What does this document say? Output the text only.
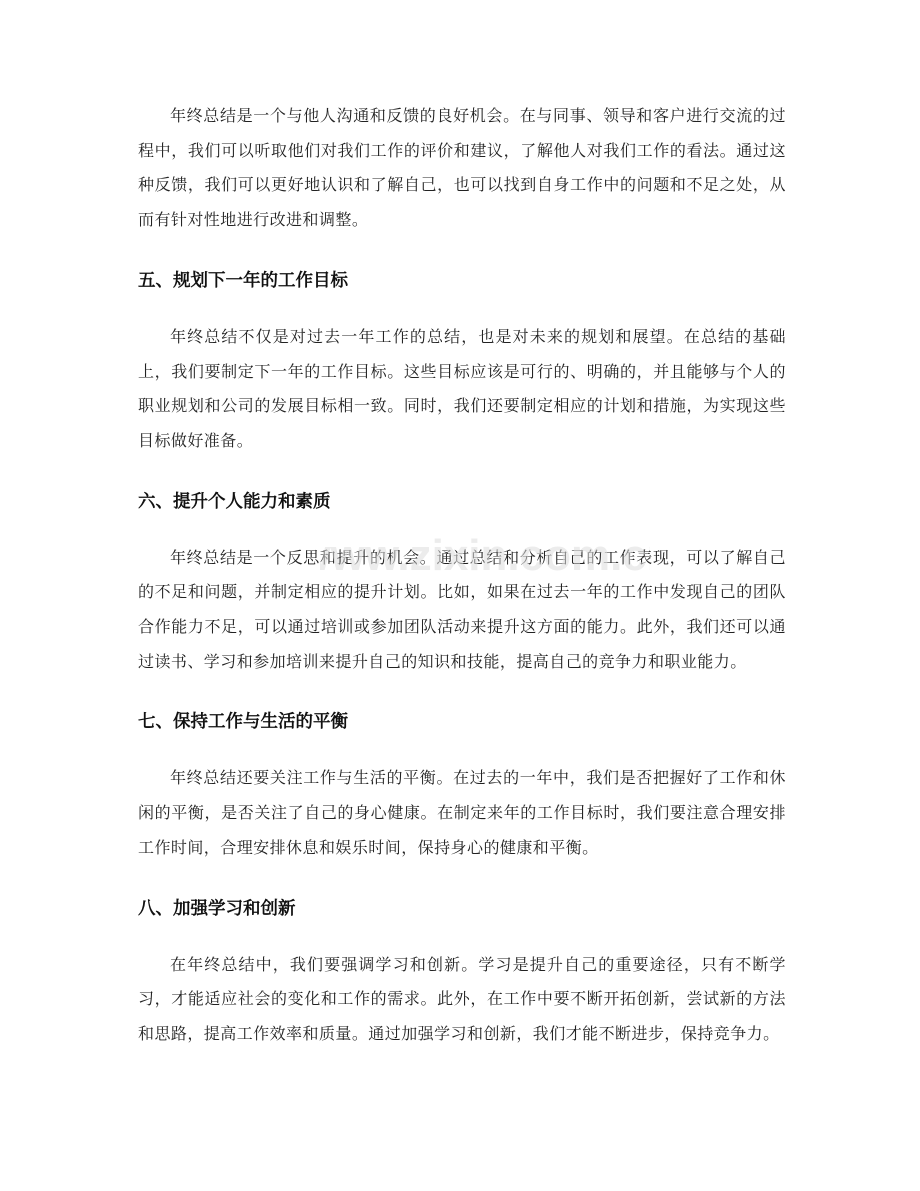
年终总结是一个与他人沟通和反馈的良好机会。在与同事、领导和客户进行交流的过程中，我们可以听取他们对我们工作的评价和建议，了解他人对我们工作的看法。通过这种反馈，我们可以更好地认识和了解自己，也可以找到自身工作中的问题和不足之处，从而有针对性地进行改进和调整。

五、规划下一年的工作目标

年终总结不仅是对过去一年工作的总结，也是对未来的规划和展望。在总结的基础上，我们要制定下一年的工作目标。这些目标应该是可行的、明确的，并且能够与个人的职业规划和公司的发展目标相一致。同时，我们还要制定相应的计划和措施，为实现这些目标做好准备。

六、提升个人能力和素质

年终总结是一个反思和提升的机会。通过总结和分析自己的工作表现，可以了解自己的不足和问题，并制定相应的提升计划。比如，如果在过去一年的工作中发现自己的团队合作能力不足，可以通过培训或参加团队活动来提升这方面的能力。此外，我们还可以通过读书、学习和参加培训来提升自己的知识和技能，提高自己的竞争力和职业能力。

七、保持工作与生活的平衡

年终总结还要关注工作与生活的平衡。在过去的一年中，我们是否把握好了工作和休闲的平衡，是否关注了自己的身心健康。在制定来年的工作目标时，我们要注意合理安排工作时间，合理安排休息和娱乐时间，保持身心的健康和平衡。

八、加强学习和创新

在年终总结中，我们要强调学习和创新。学习是提升自己的重要途径，只有不断学习，才能适应社会的变化和工作的需求。此外，在工作中要不断开拓创新，尝试新的方法和思路，提高工作效率和质量。通过加强学习和创新，我们才能不断进步，保持竞争力。

ww.zixin.com.c
